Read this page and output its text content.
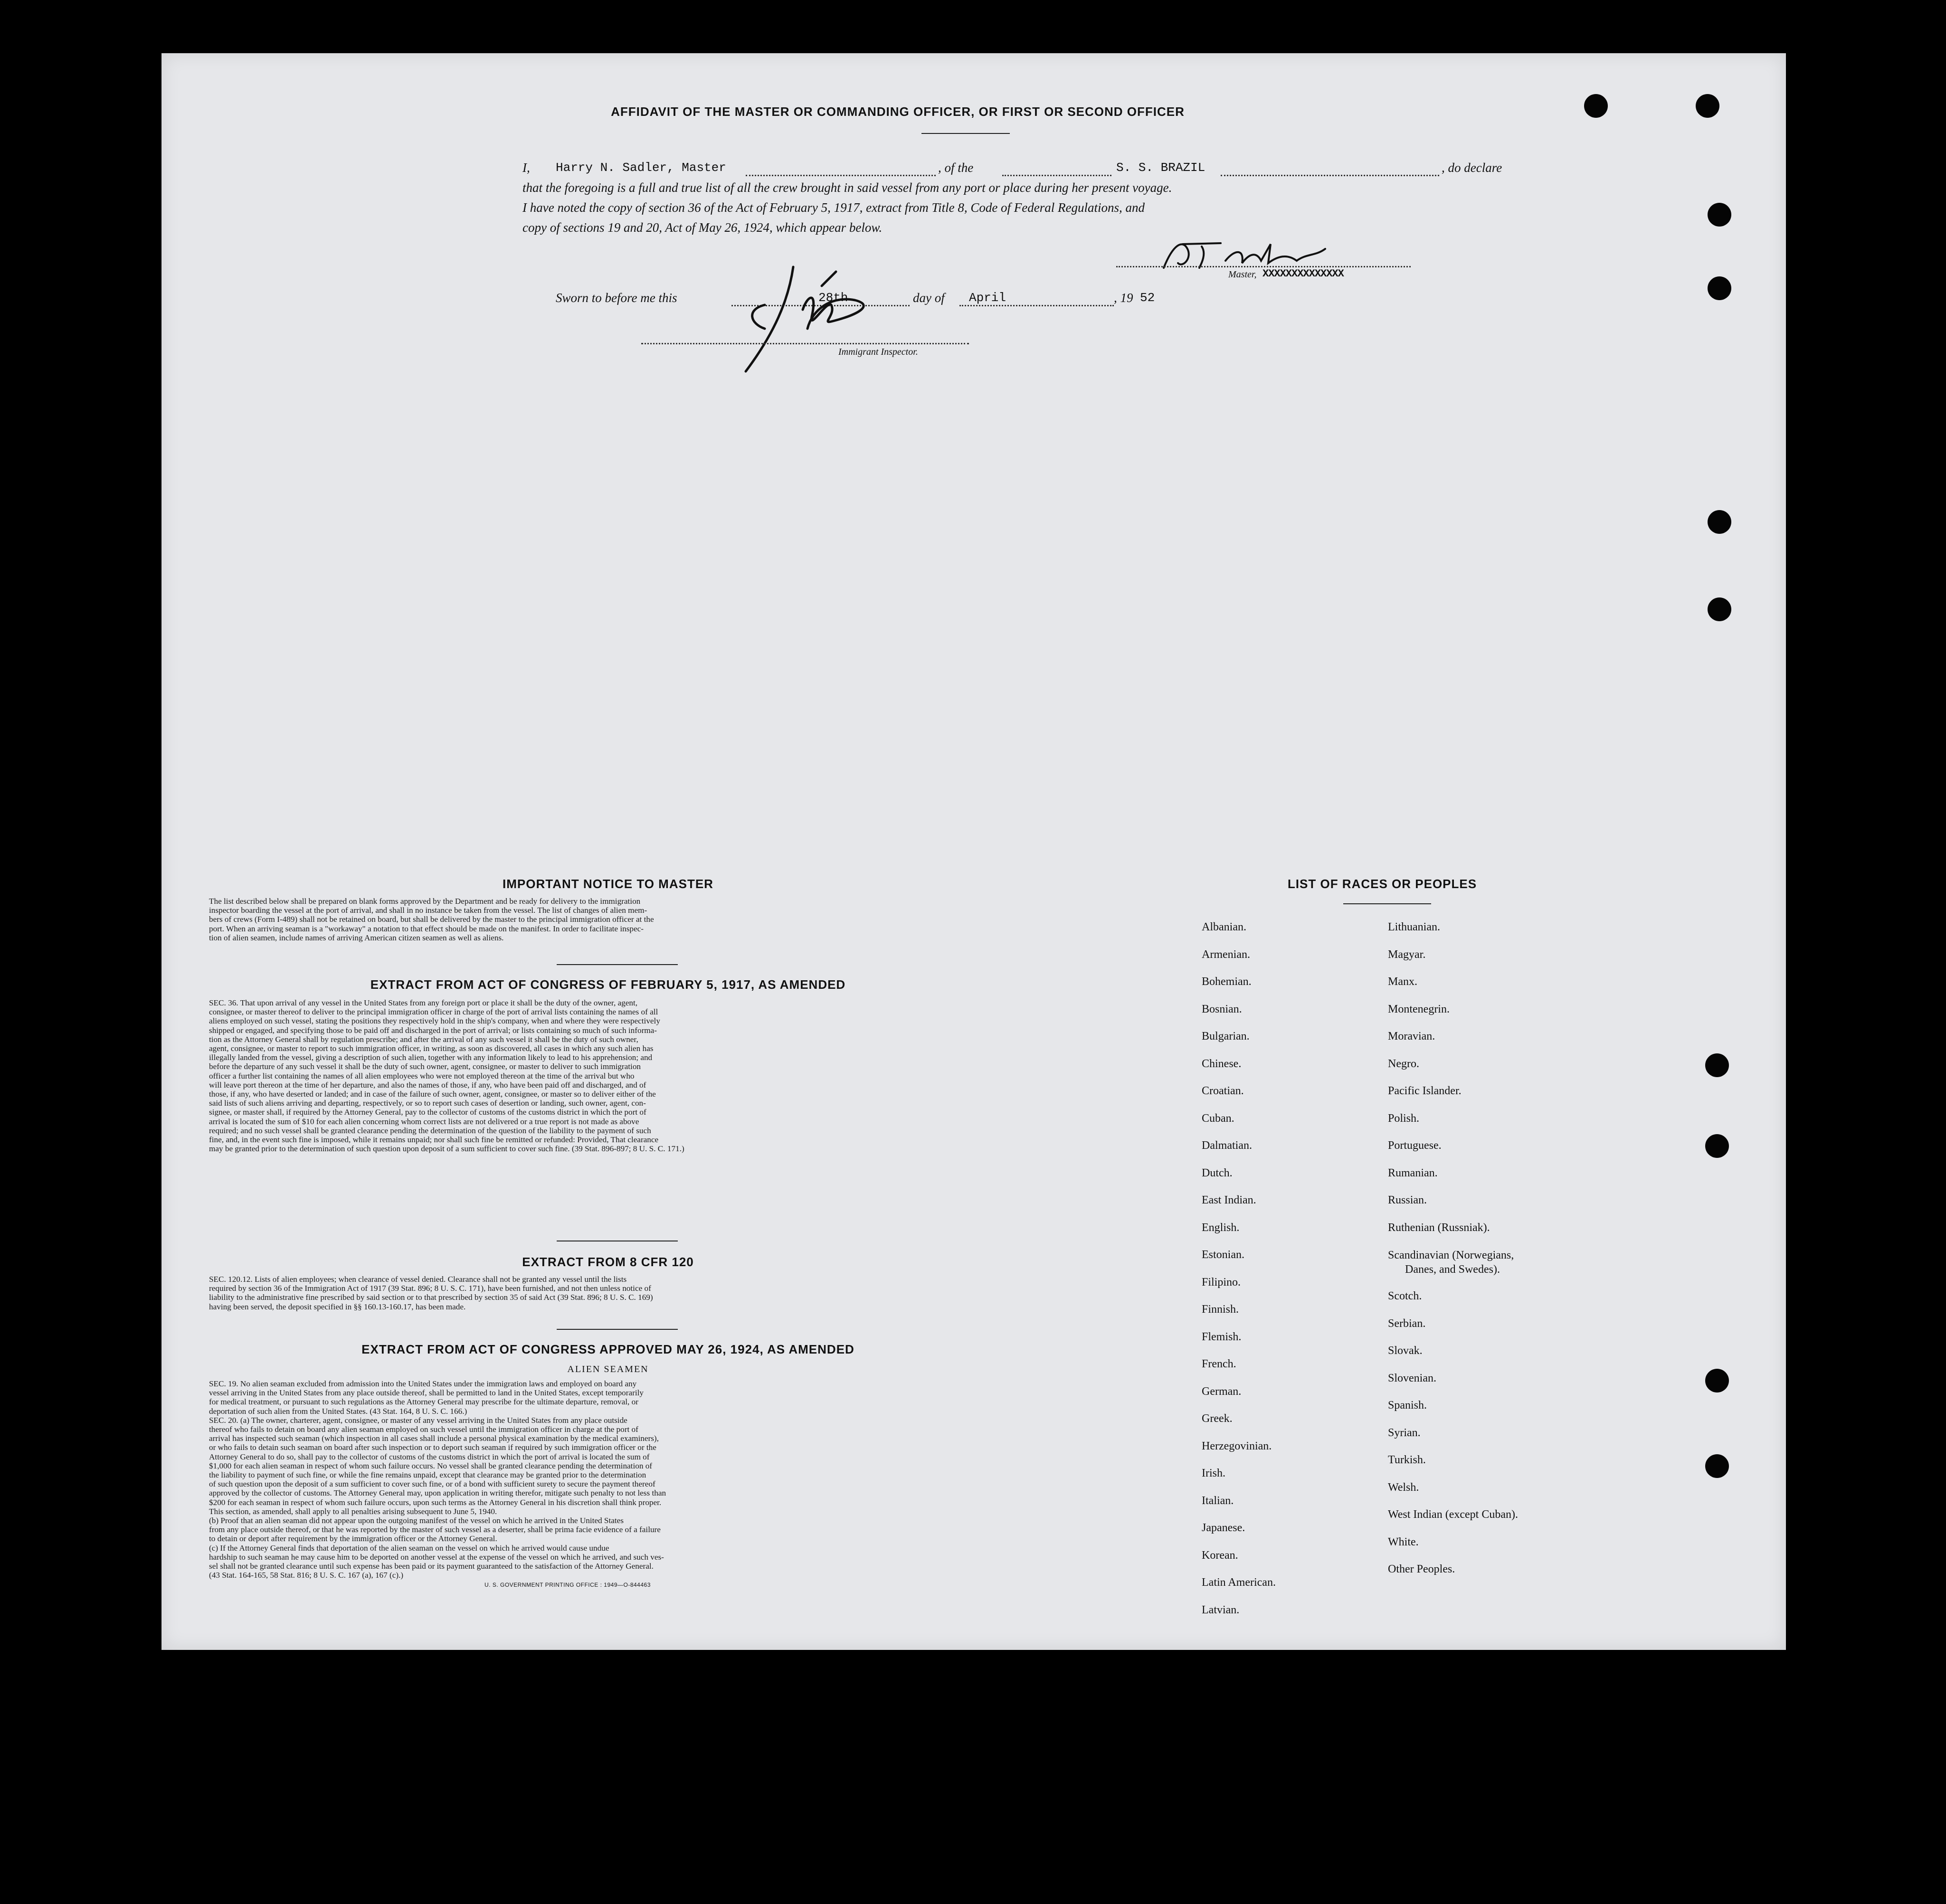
AFFIDAVIT OF THE MASTER OR COMMANDING OFFICER, OR FIRST OR SECOND OFFICER
I, Harry N. Sadler, Master	, of the	S. S. BRAZIL	, do declare
that the foregoing is a full and true list of all the crew brought in said vessel from any port or place during her present voyage.
I have noted the copy of section 36 of the Act of February 5, 1917, extract from Title 8, Code of Federal Regulations, and
copy of sections 19 and 20, Act of May 26, 1924, which appear below.
Master, XXXXXXXXXXXXXX
Sworn to before me this	28th	day of April	, 19 52
Immigrant Inspector.
IMPORTANT NOTICE TO MASTER
The list described below shall be prepared on blank forms approved by the Department and be ready for delivery to the immigration
inspector boarding the vessel at the port of arrival, and shall in no instance be taken from the vessel. The list of changes of alien mem-
bers of crews (Form I-489) shall not be retained on board, but shall be delivered by the master to the principal immigration officer at the
port. When an arriving seaman is a "workaway" a notation to that effect should be made on the manifest. In order to facilitate inspec-
tion of alien seamen, include names of arriving American citizen seamen as well as aliens.
EXTRACT FROM ACT OF CONGRESS OF FEBRUARY 5, 1917, AS AMENDED
SEC. 36. That upon arrival of any vessel in the United States from any foreign port or place it shall be the duty of the owner, agent,
consignee, or master thereof to deliver to the principal immigration officer in charge of the port of arrival lists containing the names of all
aliens employed on such vessel, stating the positions they respectively hold in the ship's company, when and where they were respectively
shipped or engaged, and specifying those to be paid off and discharged in the port of arrival; or lists containing so much of such informa-
tion as the Attorney General shall by regulation prescribe; and after the arrival of any such vessel it shall be the duty of such owner,
agent, consignee, or master to report to such immigration officer, in writing, as soon as discovered, all cases in which any such alien has
illegally landed from the vessel, giving a description of such alien, together with any information likely to lead to his apprehension; and
before the departure of any such vessel it shall be the duty of such owner, agent, consignee, or master to deliver to such immigration
officer a further list containing the names of all alien employees who were not employed thereon at the time of the arrival but who
will leave port thereon at the time of her departure, and also the names of those, if any, who have been paid off and discharged, and of
those, if any, who have deserted or landed; and in case of the failure of such owner, agent, consignee, or master so to deliver either of the
said lists of such aliens arriving and departing, respectively, or so to report such cases of desertion or landing, such owner, agent, con-
signee, or master shall, if required by the Attorney General, pay to the collector of customs of the customs district in which the port of
arrival is located the sum of $10 for each alien concerning whom correct lists are not delivered or a true report is not made as above
required; and no such vessel shall be granted clearance pending the determination of the question of the liability to the payment of such
fine, and, in the event such fine is imposed, while it remains unpaid; nor shall such fine be remitted or refunded: Provided, That clearance
may be granted prior to the determination of such question upon deposit of a sum sufficient to cover such fine. (39 Stat. 896-897; 8 U. S. C. 171.)
EXTRACT FROM 8 CFR 120
SEC. 120.12. Lists of alien employees; when clearance of vessel denied. Clearance shall not be granted any vessel until the lists
required by section 36 of the Immigration Act of 1917 (39 Stat. 896; 8 U. S. C. 171), have been furnished, and not then unless notice of
liability to the administrative fine prescribed by said section or to that prescribed by section 35 of said Act (39 Stat. 896; 8 U. S. C. 169)
having been served, the deposit specified in §§ 160.13-160.17, has been made.
EXTRACT FROM ACT OF CONGRESS APPROVED MAY 26, 1924, AS AMENDED
ALIEN SEAMEN
SEC. 19. No alien seaman excluded from admission into the United States under the immigration laws and employed on board any
vessel arriving in the United States from any place outside thereof, shall be permitted to land in the United States, except temporarily
for medical treatment, or pursuant to such regulations as the Attorney General may prescribe for the ultimate departure, removal, or
deportation of such alien from the United States. (43 Stat. 164, 8 U. S. C. 166.)
SEC. 20. (a) The owner, charterer, agent, consignee, or master of any vessel arriving in the United States from any place outside
thereof who fails to detain on board any alien seaman employed on such vessel until the immigration officer in charge at the port of
arrival has inspected such seaman (which inspection in all cases shall include a personal physical examination by the medical examiners),
or who fails to detain such seaman on board after such inspection or to deport such seaman if required by such immigration officer or the
Attorney General to do so, shall pay to the collector of customs of the customs district in which the port of arrival is located the sum of
$1,000 for each alien seaman in respect of whom such failure occurs. No vessel shall be granted clearance pending the determination of
the liability to payment of such fine, or while the fine remains unpaid, except that clearance may be granted prior to the determination
of such question upon the deposit of a sum sufficient to cover such fine, or of a bond with sufficient surety to secure the payment thereof
approved by the collector of customs. The Attorney General may, upon application in writing therefor, mitigate such penalty to not less than
$200 for each seaman in respect of whom such failure occurs, upon such terms as the Attorney General in his discretion shall think proper.
This section, as amended, shall apply to all penalties arising subsequent to June 5, 1940.
(b) Proof that an alien seaman did not appear upon the outgoing manifest of the vessel on which he arrived in the United States
from any place outside thereof, or that he was reported by the master of such vessel as a deserter, shall be prima facie evidence of a failure
to detain or deport after requirement by the immigration officer or the Attorney General.
(c) If the Attorney General finds that deportation of the alien seaman on the vessel on which he arrived would cause undue
hardship to such seaman he may cause him to be deported on another vessel at the expense of the vessel on which he arrived, and such ves-
sel shall not be granted clearance until such expense has been paid or its payment guaranteed to the satisfaction of the Attorney General.
(43 Stat. 164-165, 58 Stat. 816; 8 U. S. C. 167 (a), 167 (c).)
U. S. GOVERNMENT PRINTING OFFICE : 1949—O-844463
LIST OF RACES OR PEOPLES
Albanian.
Armenian.
Bohemian.
Bosnian.
Bulgarian.
Chinese.
Croatian.
Cuban.
Dalmatian.
Dutch.
East Indian.
English.
Estonian.
Filipino.
Finnish.
Flemish.
French.
German.
Greek.
Herzegovinian.
Irish.
Italian.
Japanese.
Korean.
Latin American.
Latvian.
Lithuanian.
Magyar.
Manx.
Montenegrin.
Moravian.
Negro.
Pacific Islander.
Polish.
Portuguese.
Rumanian.
Russian.
Ruthenian (Russniak).
Scandinavian (Norwegians,
Danes, and Swedes).
Scotch.
Serbian.
Slovak.
Slovenian.
Spanish.
Syrian.
Turkish.
Welsh.
West Indian (except Cuban).
White.
Other Peoples.
